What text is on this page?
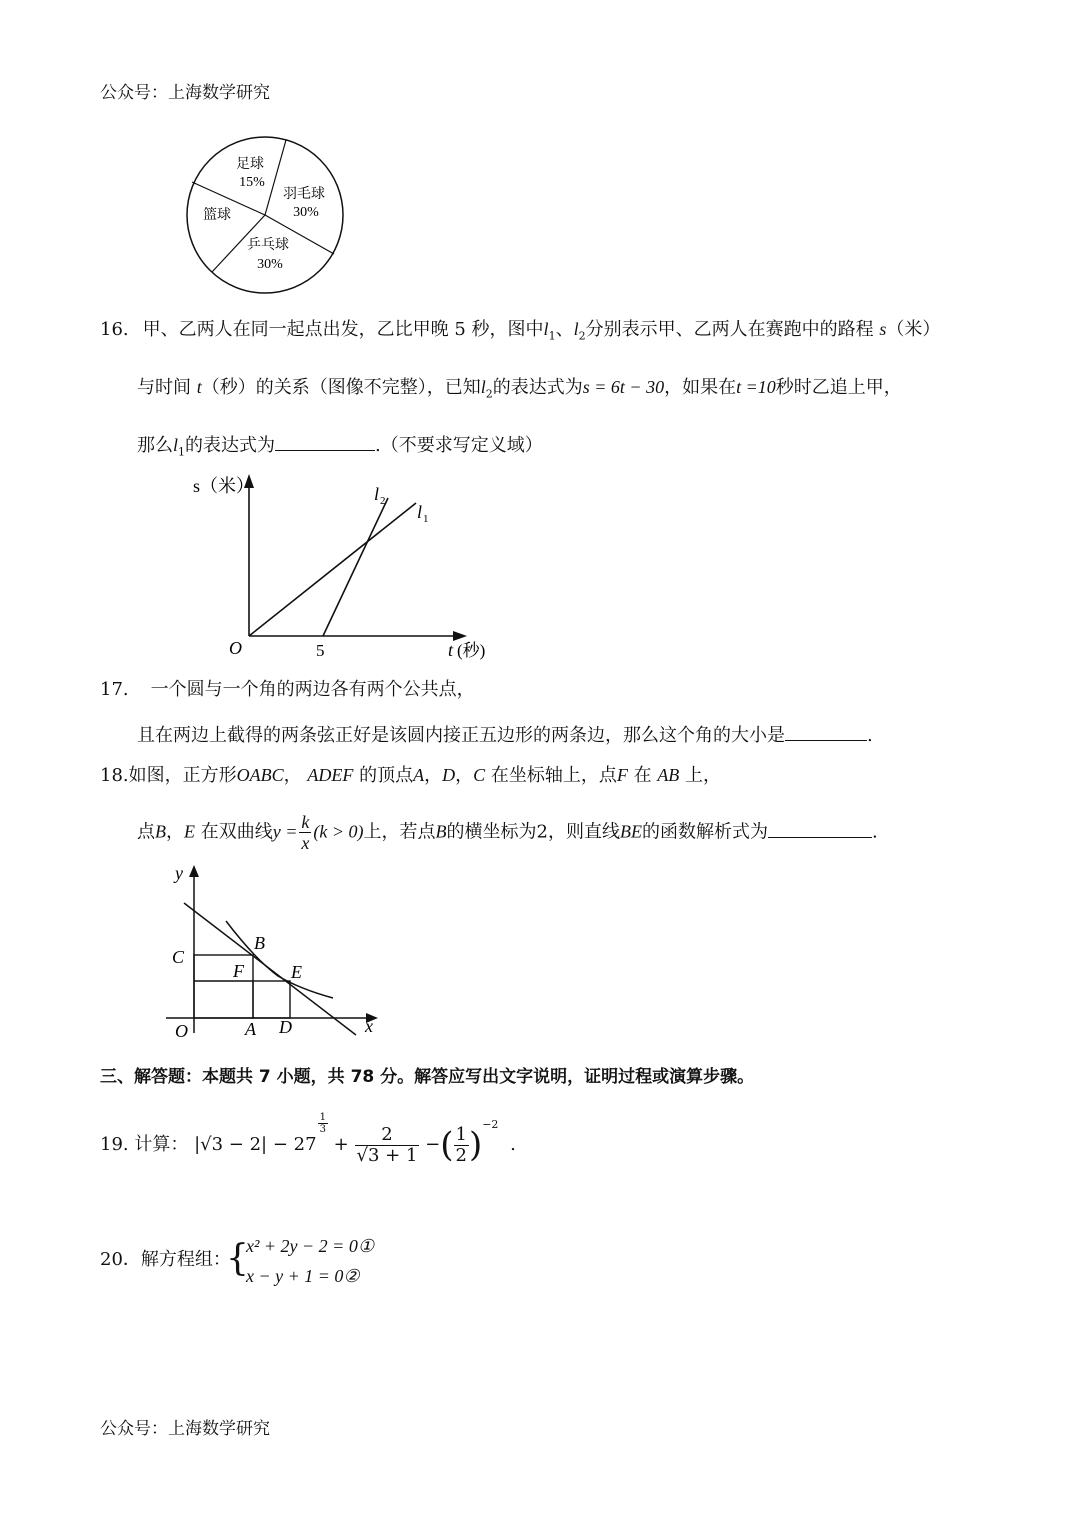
公众号：上海数学研究
足球
15%
羽毛球
30%
乒乓球
30%
篮球
16. 甲、乙两人在同一起点出发，乙比甲晚 5 秒，图中$l_1$、$l_2$分别表示甲、乙两人在赛跑中的路程 s（米）
与时间 t（秒）的关系（图像不完整），已知$l_2$的表达式为s = 6t − 30，如果在t =10秒时乙追上甲，
那么$l_1$的表达式为	.（不要求写定义域）
s（米）
O	5	t (秒)
l 2
l 1
17. 一个圆与一个角的两边各有两个公共点，
且在两边上截得的两条弦正好是该圆内接正五边形的两条边，那么这个角的大小是	.
18.如图，正方形OABC， ADEF 的顶点A，D，C 在坐标轴上，点F 在 AB 上，
点B，E 在双曲线$y = \frac{k}{x} (k > 0)$上，若点B的横坐标为2，则直线BE的函数解析式为	.
y
x
O	A D
C
B
F	E
三、解答题：本题共 7 小题，共 78 分。解答应写出文字说明，证明过程或演算步骤。
19. 计算： |√3 − 2| − 27
$\frac{1}{3}$
+ $\frac{2}{√3 + 1}$ −( $\frac{1}{2} )^{-2}$ .
20．解方程组：
{
x² + 2y − 2 = 0①
x − y + 1 = 0②
公众号：上海数学研究
